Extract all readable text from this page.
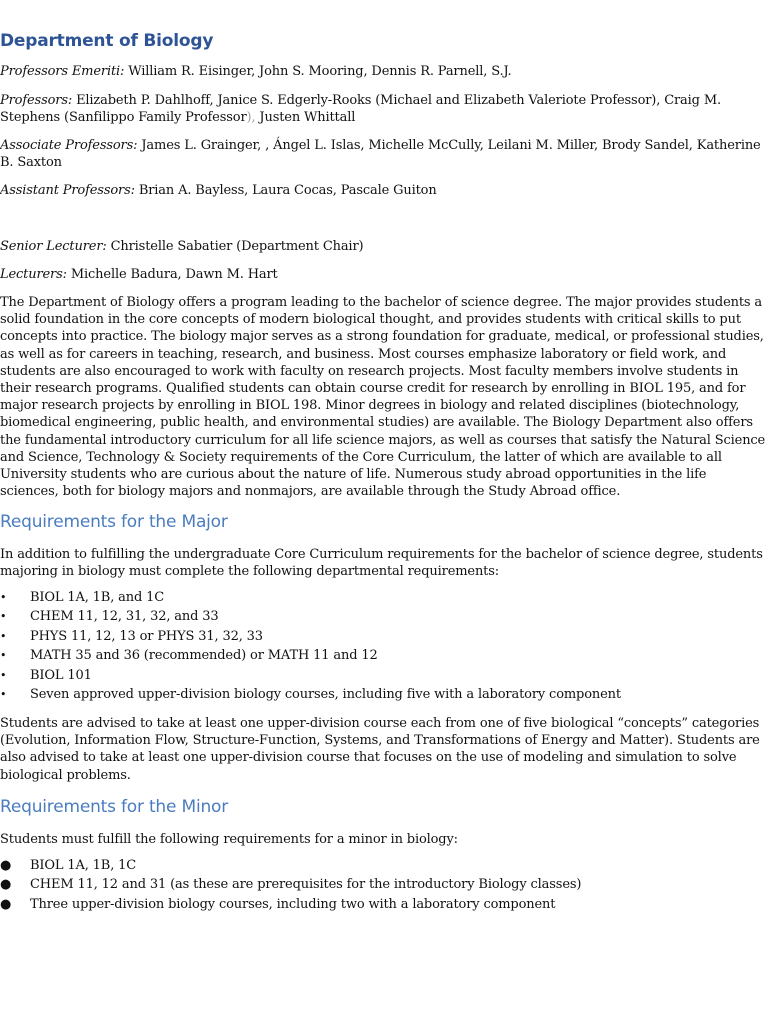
Department of Biology

Professors Emeriti: William R. Eisinger, John S. Mooring, Dennis R. Parnell, S.J.

Professors: Elizabeth P. Dahlhoff, Janice S. Edgerly-Rooks (Michael and Elizabeth Valeriote Professor), Craig M. Stephens (Sanfilippo Family Professor), Justen Whittall

Associate Professors: James L. Grainger, , Ángel L. Islas, Michelle McCully, Leilani M. Miller, Brody Sandel, Katherine B. Saxton

Assistant Professors: Brian A. Bayless, Laura Cocas, Pascale Guiton

Senior Lecturer: Christelle Sabatier (Department Chair)

Lecturers: Michelle Badura, Dawn M. Hart

The Department of Biology offers a program leading to the bachelor of science degree. The major provides students a solid foundation in the core concepts of modern biological thought, and provides students with critical skills to put concepts into practice. The biology major serves as a strong foundation for graduate, medical, or professional studies, as well as for careers in teaching, research, and business. Most courses emphasize laboratory or field work, and students are also encouraged to work with faculty on research projects. Most faculty members involve students in their research programs. Qualified students can obtain course credit for research by enrolling in BIOL 195, and for major research projects by enrolling in BIOL 198. Minor degrees in biology and related disciplines (biotechnology, biomedical engineering, public health, and environmental studies) are available. The Biology Department also offers the fundamental introductory curriculum for all life science majors, as well as courses that satisfy the Natural Science and Science, Technology & Society requirements of the Core Curriculum, the latter of which are available to all University students who are curious about the nature of life. Numerous study abroad opportunities in the life sciences, both for biology majors and nonmajors, are available through the Study Abroad office.

Requirements for the Major

In addition to fulfilling the undergraduate Core Curriculum requirements for the bachelor of science degree, students majoring in biology must complete the following departmental requirements:

• BIOL 1A, 1B, and 1C
• CHEM 11, 12, 31, 32, and 33
• PHYS 11, 12, 13 or PHYS 31, 32, 33
• MATH 35 and 36 (recommended) or MATH 11 and 12
• BIOL 101
• Seven approved upper-division biology courses, including five with a laboratory component

Students are advised to take at least one upper-division course each from one of five biological “concepts” categories (Evolution, Information Flow, Structure-Function, Systems, and Transformations of Energy and Matter). Students are also advised to take at least one upper-division course that focuses on the use of modeling and simulation to solve biological problems.

Requirements for the Minor

Students must fulfill the following requirements for a minor in biology:

● BIOL 1A, 1B, 1C
● CHEM 11, 12 and 31 (as these are prerequisites for the introductory Biology classes)
● Three upper-division biology courses, including two with a laboratory component
